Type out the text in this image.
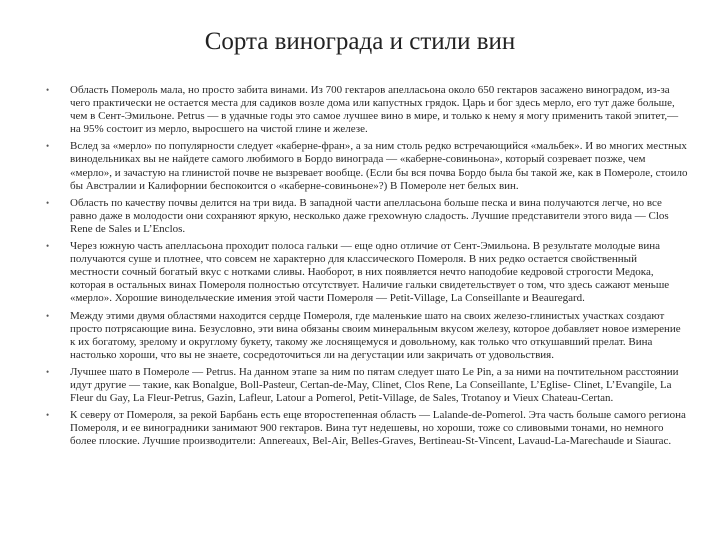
Сорта винограда и стили вин
• Область Помероль мала, но просто забита винами. Из 700 гектаров апелласьона около 650 гектаров засажено виноградом, из-за чего практически не остается места для садиков возле дома или капустных грядок. Царь и бог здесь мерло, его тут даже больше, чем в Сент-Эмильоне. Petrus — в удачные годы это самое лучшее вино в мире, и только к нему я могу применить такой эпитет,— на 95% состоит из мерло, выросшего на чистой глине и железе.
• Вслед за «мерло» по популярности следует «каберне-фран», а за ним столь редко встречающийся «мальбек». И во многих местных винодельниках вы не найдете самого любимого в Бордо винограда — «каберне-совиньона», который созревает позже, чем «мерло», и зачастую на глинистой почве не вызревает вообще. (Если бы вся почва Бордо была бы такой же, как в Померолe, стоило бы Австралии и Калифорнии беспокоится о «каберне-совиньоне»?) В Помероле нет белых вин.
• Область по качеству почвы делится на три вида. В западной части апелласьона больше песка и вина получаются легче, но все равно даже в молодости они сохраняют яркую, несколько даже грехowную сладость. Лучшие представители этого вида — Clos Rene de Sales и L’Enclos.
• Через южную часть апелласьона проходит полоса гальки — еще одно отличие от Сент-Эмильона. В результате молодые вина получаются суше и плотнее, что совсем не характерно для классического Помероля. В них редко остается свойственный местности сочный богатый вкус с нотками сливы. Наоборот, в них появляется нечто наподобие кедровой строгости Медока, которая в остальных винах Помероля полностью отсутствует. Наличие гальки свидетельствует о том, что здесь сажают меньше «мерло». Хорошие винодельческие имения этой части Помероля — Petit-Village, La Conseillante и Beauregard.
• Между этими двумя областями находится сердце Помероля, где маленькие шато на своих железо-глинистых участках создают просто потрясающие вина. Безусловно, эти вина обязаны своим минеральным вкусом железу, которое добавляет новое измерение к их богатому, зрелому и округлому букету, такому же лоснящемуся и довольному, как только что откушавший прелат. Вина настолько хороши, что вы не знаете, сосредоточиться ли на дегустации или закричать от удовольствия.
• Лучшее шато в Помероле — Petrus. На данном этапе за ним по пятам следует шато Le Pin, а за ними на почтительном расстоянии идут другие — такие, как Bonalgue, Boll-Pasteur, Certan-de-May, Clinet, Clos Rene, La Conseillante, L’Eglise- Clinet, L’Evangile, La Fleur du Gay, La Fleur-Petrus, Gazin, Lafleur, Latour a Pomerol, Petit-Village, de Sales, Trotanoy и Vieux Chateau-Certan.
• К северу от Помероля, за рекой Барбань есть еще второстепенная область — Lalande-de-Pomerol. Эта часть больше самого региона Помероля, и ее виноградники занимают 900 гектаров. Вина тут недешевы, но хороши, тоже со сливовыми тонами, но немного более плоские. Лучшие производители: Annereaux, Bel-Air, Belles-Graves, Bertineau-St-Vincent, Lavaud-La-Marechaude и Siaurac.
